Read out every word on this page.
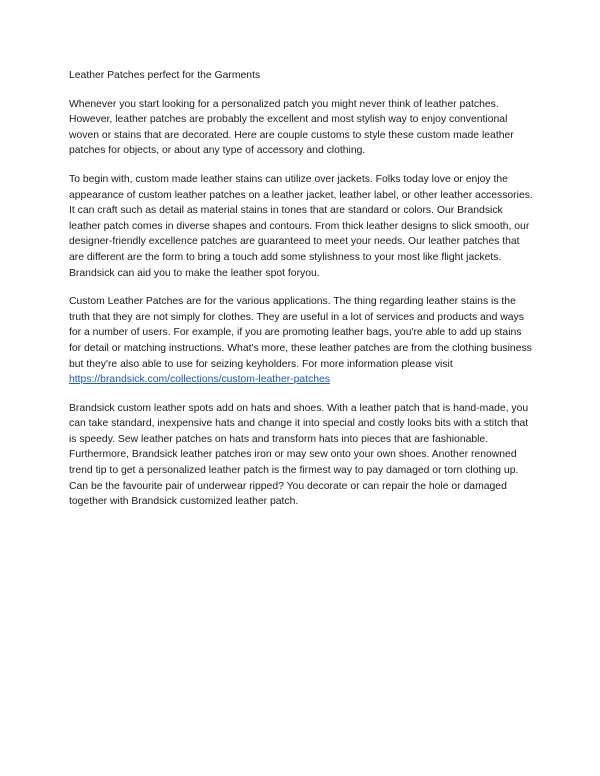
Leather Patches perfect for the Garments

Whenever you start looking for a personalized patch you might never think of leather patches. However, leather patches are probably the excellent and most stylish way to enjoy conventional woven or stains that are decorated. Here are couple customs to style these custom made leather patches for objects, or about any type of accessory and clothing.

To begin with, custom made leather stains can utilize over jackets. Folks today love or enjoy the appearance of custom leather patches on a leather jacket, leather label, or other leather accessories. It can craft such as detail as material stains in tones that are standard or colors. Our Brandsick leather patch comes in diverse shapes and contours. From thick leather designs to slick smooth, our designer-friendly excellence patches are guaranteed to meet your needs. Our leather patches that are different are the form to bring a touch add some stylishness to your most like flight jackets. Brandsick can aid you to make the leather spot foryou.

Custom Leather Patches are for the various applications. The thing regarding leather stains is the truth that they are not simply for clothes. They are useful in a lot of services and products and ways for a number of users. For example, if you are promoting leather bags, you're able to add up stains for detail or matching instructions. What's more, these leather patches are from the clothing business but they're also able to use for seizing keyholders. For more information please visit
https://brandsick.com/collections/custom-leather-patches

Brandsick custom leather spots add on hats and shoes. With a leather patch that is hand-made, you can take standard, inexpensive hats and change it into special and costly looks bits with a stitch that is speedy. Sew leather patches on hats and transform hats into pieces that are fashionable. Furthermore, Brandsick leather patches iron or may sew onto your own shoes. Another renowned trend tip to get a personalized leather patch is the firmest way to pay damaged or torn clothing up. Can be the favourite pair of underwear ripped? You decorate or can repair the hole or damaged together with Brandsick customized leather patch.
